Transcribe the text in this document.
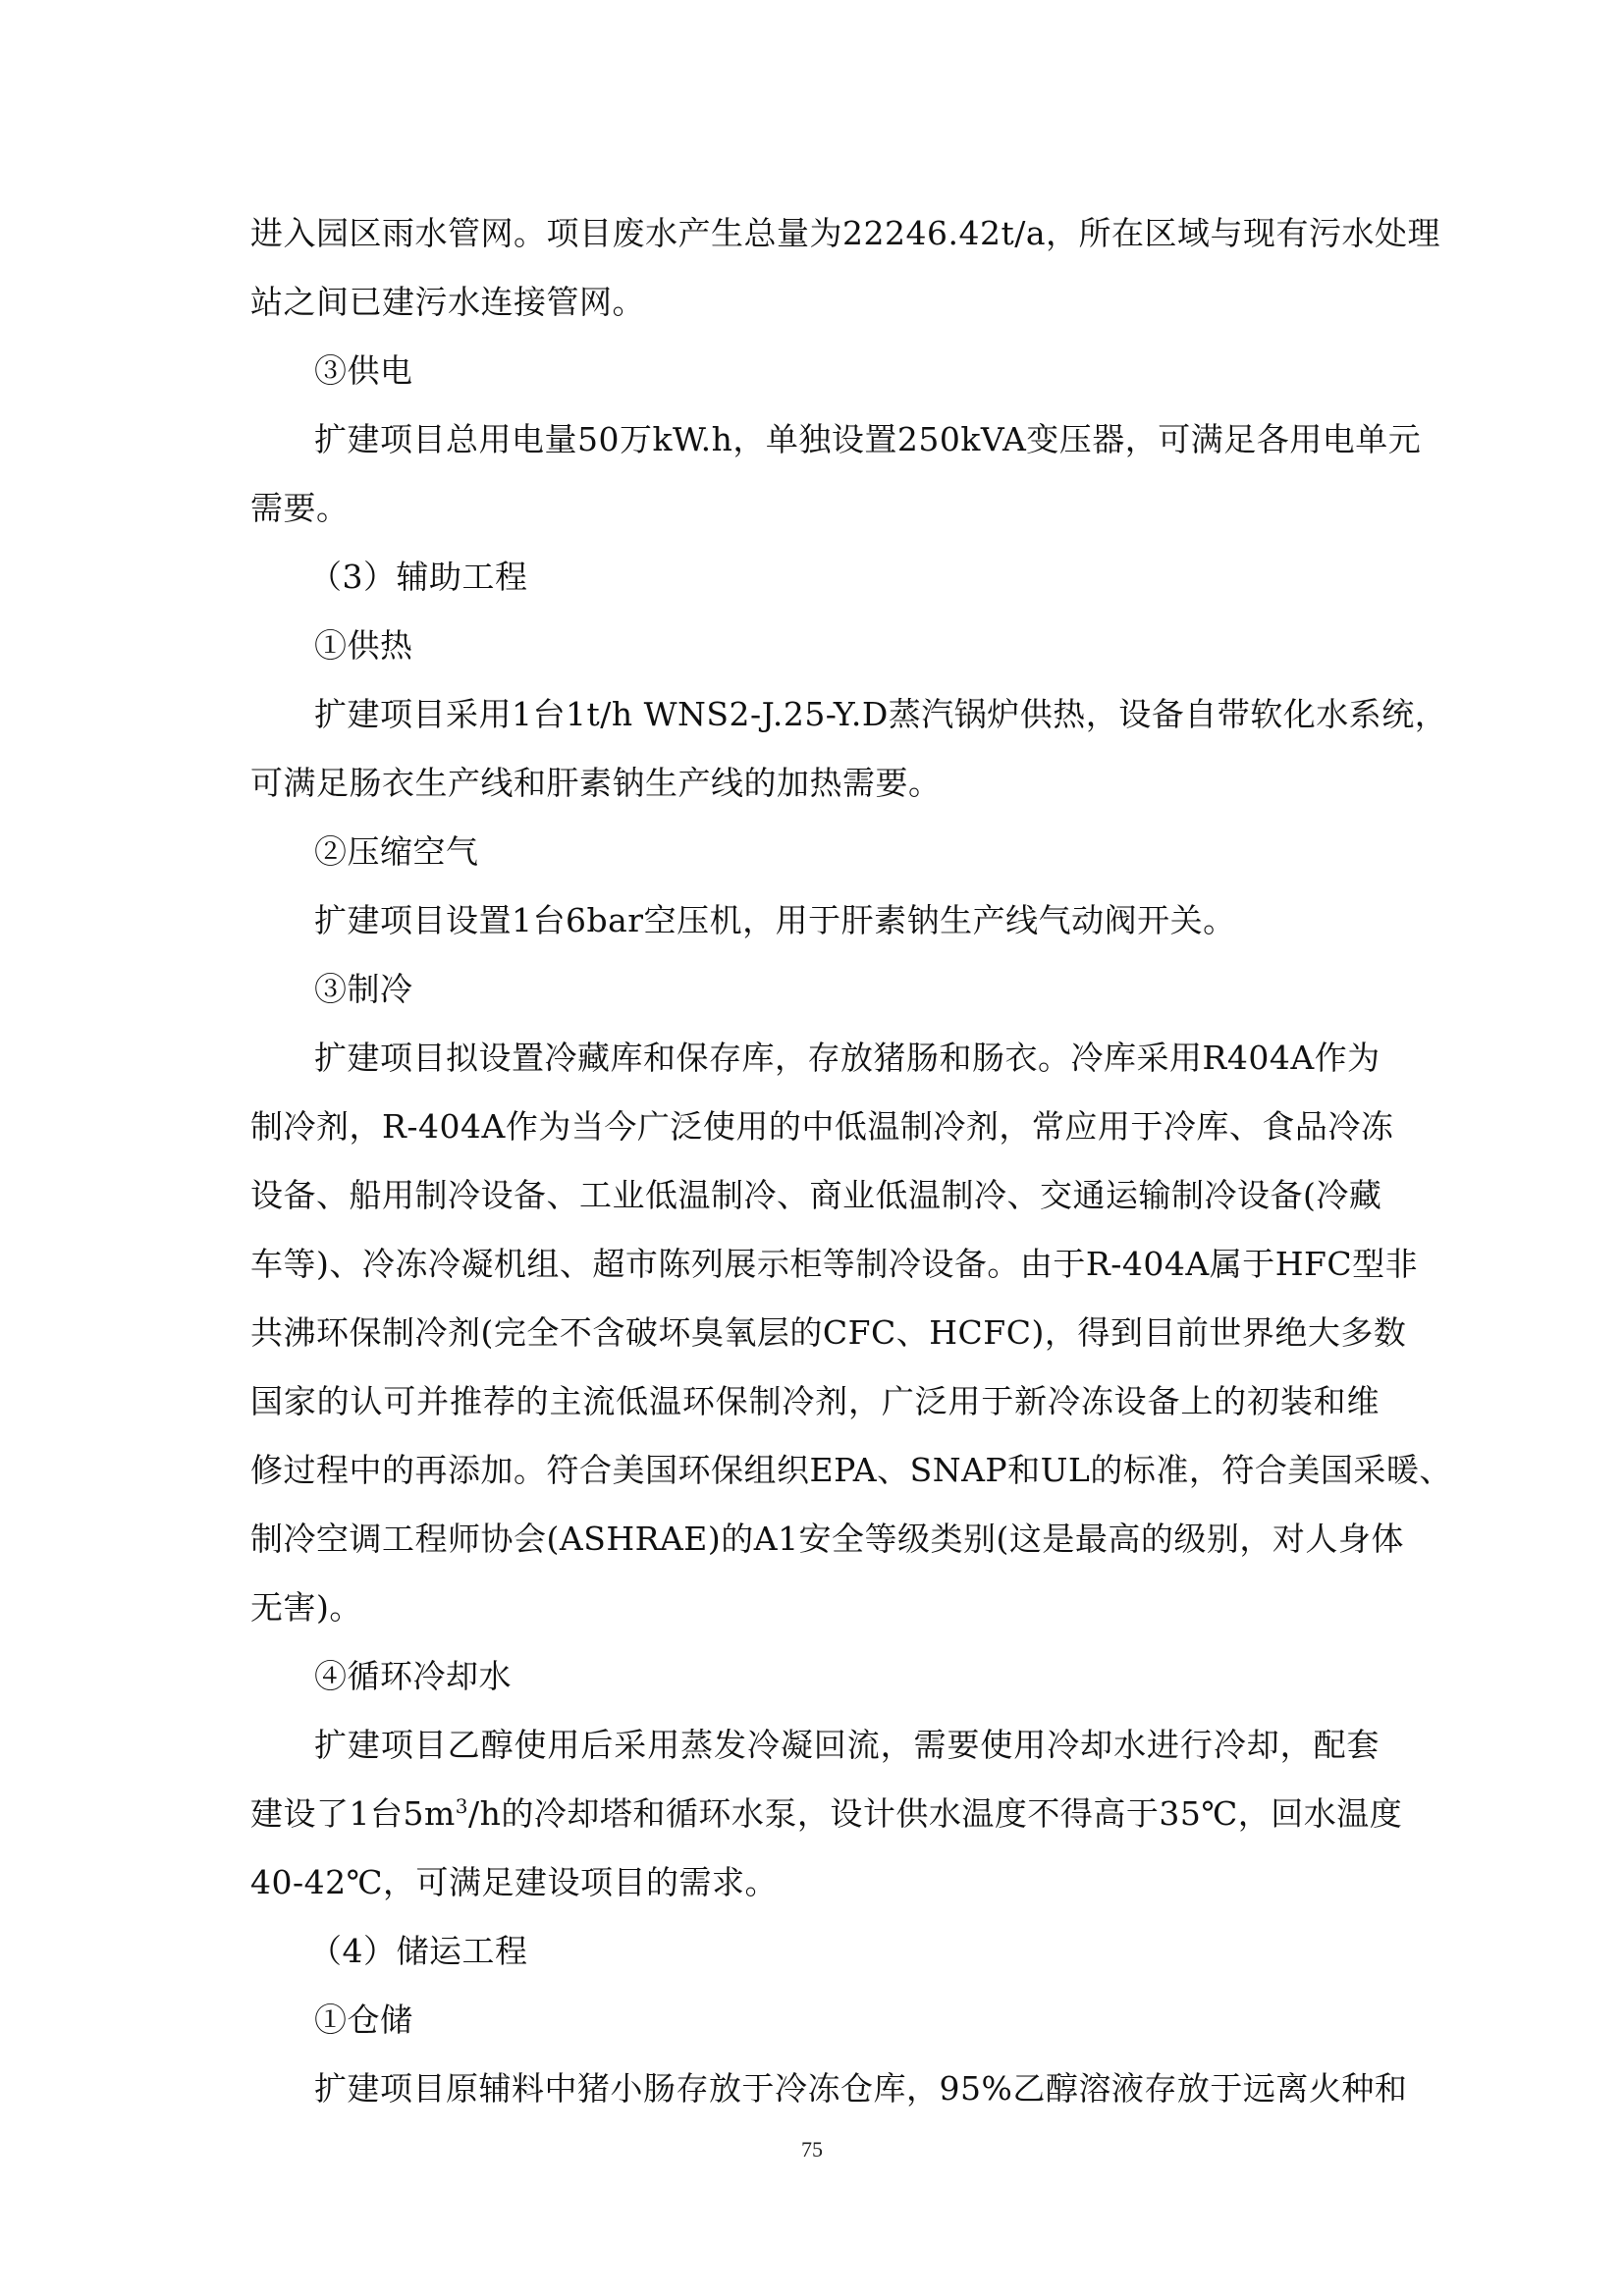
进入园区雨水管网。项目废水产生总量为22246.42t/a，所在区域与现有污水处理
站之间已建污水连接管网。
③供电
扩建项目总用电量50万kW.h，单独设置250kVA变压器，可满足各用电单元
需要。
（3）辅助工程
①供热
扩建项目采用1台1t/h WNS2-J.25-Y.D蒸汽锅炉供热，设备自带软化水系统，
可满足肠衣生产线和肝素钠生产线的加热需要。
②压缩空气
扩建项目设置1台6bar空压机，用于肝素钠生产线气动阀开关。
③制冷
扩建项目拟设置冷藏库和保存库，存放猪肠和肠衣。冷库采用R404A作为
制冷剂，R-404A作为当今广泛使用的中低温制冷剂，常应用于冷库、食品冷冻
设备、船用制冷设备、工业低温制冷、商业低温制冷、交通运输制冷设备(冷藏
车等)、冷冻冷凝机组、超市陈列展示柜等制冷设备。由于R-404A属于HFC型非
共沸环保制冷剂(完全不含破坏臭氧层的CFC、HCFC)，得到目前世界绝大多数
国家的认可并推荐的主流低温环保制冷剂，广泛用于新冷冻设备上的初装和维
修过程中的再添加。符合美国环保组织EPA、SNAP和UL的标准，符合美国采暖、
制冷空调工程师协会(ASHRAE)的A1安全等级类别(这是最高的级别，对人身体
无害)。
④循环冷却水
扩建项目乙醇使用后采用蒸发冷凝回流，需要使用冷却水进行冷却，配套
建设了1台$5m^3/h$的冷却塔和循环水泵，设计供水温度不得高于35℃，回水温度
40-42℃，可满足建设项目的需求。
（4）储运工程
①仓储
扩建项目原辅料中猪小肠存放于冷冻仓库，95%乙醇溶液存放于远离火种和
75
